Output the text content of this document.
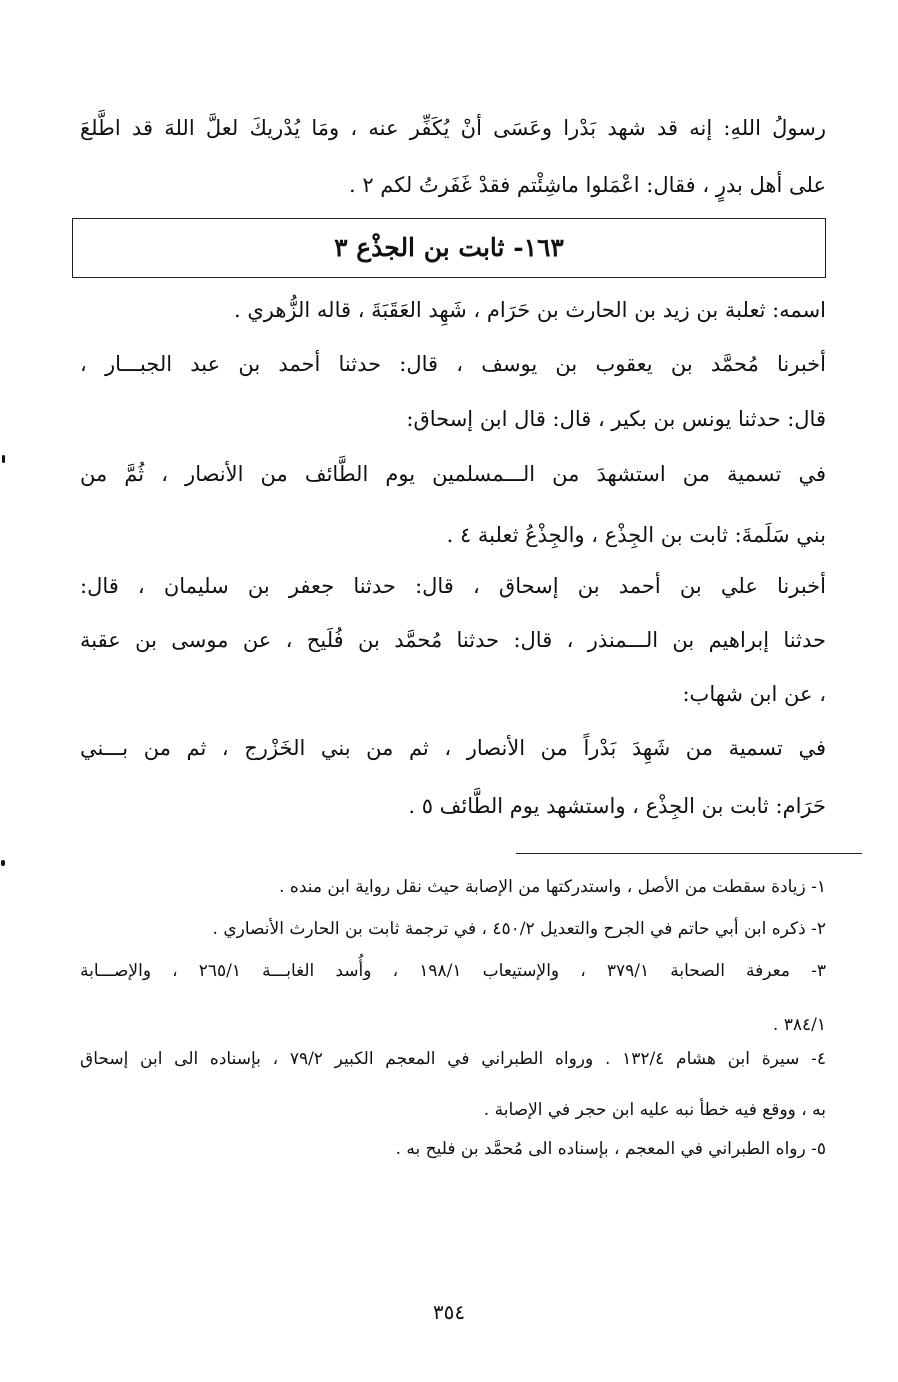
رسولُ اللهِ: إنه قد شهد بَدْرا وعَسَى أنْ يُكَفِّر عنه ، ومَا يُدْريكَ لعلَّ اللهَ قد اطَّلعَ
على أهل بدرٍ ، فقال: اعْمَلوا ماشِئْتم فقدْ غَفَرتُ لكم ٢ .
١٦٣- ثابت بن الجذْع ٣
اسمه: ثعلبة بن زيد بن الحارث بن حَرَام ، شَهِد العَقَبَةَ ، قاله الزُّهري .
أخبرنا مُحمَّد بن يعقوب بن يوسف ، قال: حدثنا أحمد بن عبد الجبـــار ،
قال: حدثنا يونس بن بكير ، قال: قال ابن إسحاق:
في تسمية من استشهدَ من الـــمسلمين يوم الطَّائف من الأنصار ، ثُمَّ من
بني سَلَمةَ: ثابت بن الجِذْع ، والجِذْعُ ثعلبة ٤ .
أخبرنا علي بن أحمد بن إسحاق ، قال: حدثنا جعفر بن سليمان ، قال:
حدثنا إبراهيم بن الـــمنذر ، قال: حدثنا مُحمَّد بن فُلَيح ، عن موسى بن عقبة
، عن ابن شهاب:
في تسمية من شَهِدَ بَدْراً من الأنصار ، ثم من بني الخَزْرج ، ثم من بـــني
حَرَام: ثابت بن الجِذْع ، واستشهد يوم الطَّائف ٥ .
١- زيادة سقطت من الأصل ، واستدركتها من الإصابة حيث نقل رواية ابن منده .
٢- ذكره ابن أبي حاتم في الجرح والتعديل ٤٥٠/٢ ، في ترجمة ثابت بن الحارث الأنصاري .
٣- معرفة الصحابة ٣٧٩/١ ، والإستيعاب ١٩٨/١ ، وأُسد الغابـــة ٢٦٥/١ ، والإصـــابة
٣٨٤/١ .
٤- سيرة ابن هشام ١٣٢/٤ . ورواه الطبراني في المعجم الكبير ٧٩/٢ ، بإسناده الى ابن إسحاق
به ، ووقع فيه خطأ نبه عليه ابن حجر في الإصابة .
٥- رواه الطبراني في المعجم ، بإسناده الى مُحمَّد بن فليح به .
٣٥٤
